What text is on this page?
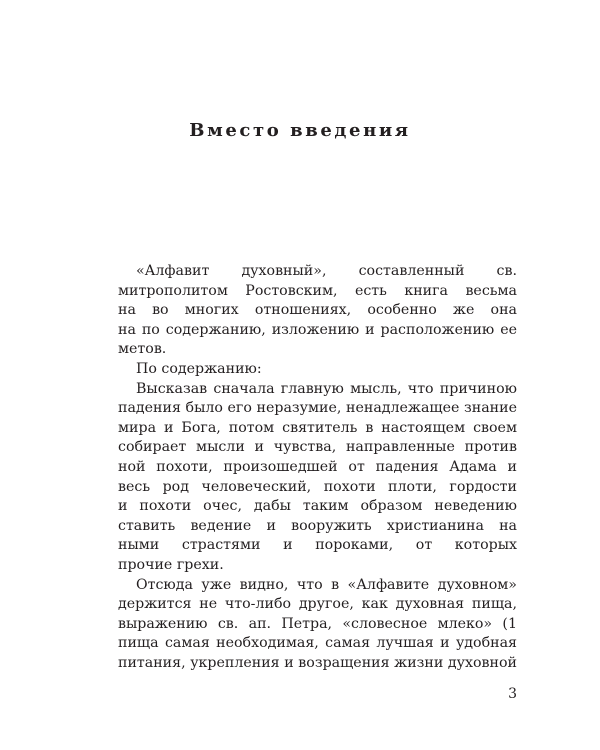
Вместо введения
«Алфавит духовный», составленный св.
митрополитом Ростовским, есть книга весьма
на во многих отношениях, особенно же она
на по содержанию, изложению и расположению ее
метов.
По содержанию:
Высказав сначала главную мысль, что причиною
падения было его неразумие, ненадлежащее знание
мира и Бога, потом святитель в настоящем своем
собирает мысли и чувства, направленные против
ной похоти, произошедшей от падения Адама и
весь род человеческий, похоти плоти, гордости
и похоти очес, дабы таким образом неведению
ставить ведение и вооружить христианина на
ными страстями и пороками, от которых
прочие грехи.
Отсюда уже видно, что в «Алфавите духовном»
держится не что-либо другое, как духовная пища,
выражению св. ап. Петра, «словесное млеко» (1
пища самая необходимая, самая лучшая и удобная
питания, укрепления и возращения жизни духовной
3
